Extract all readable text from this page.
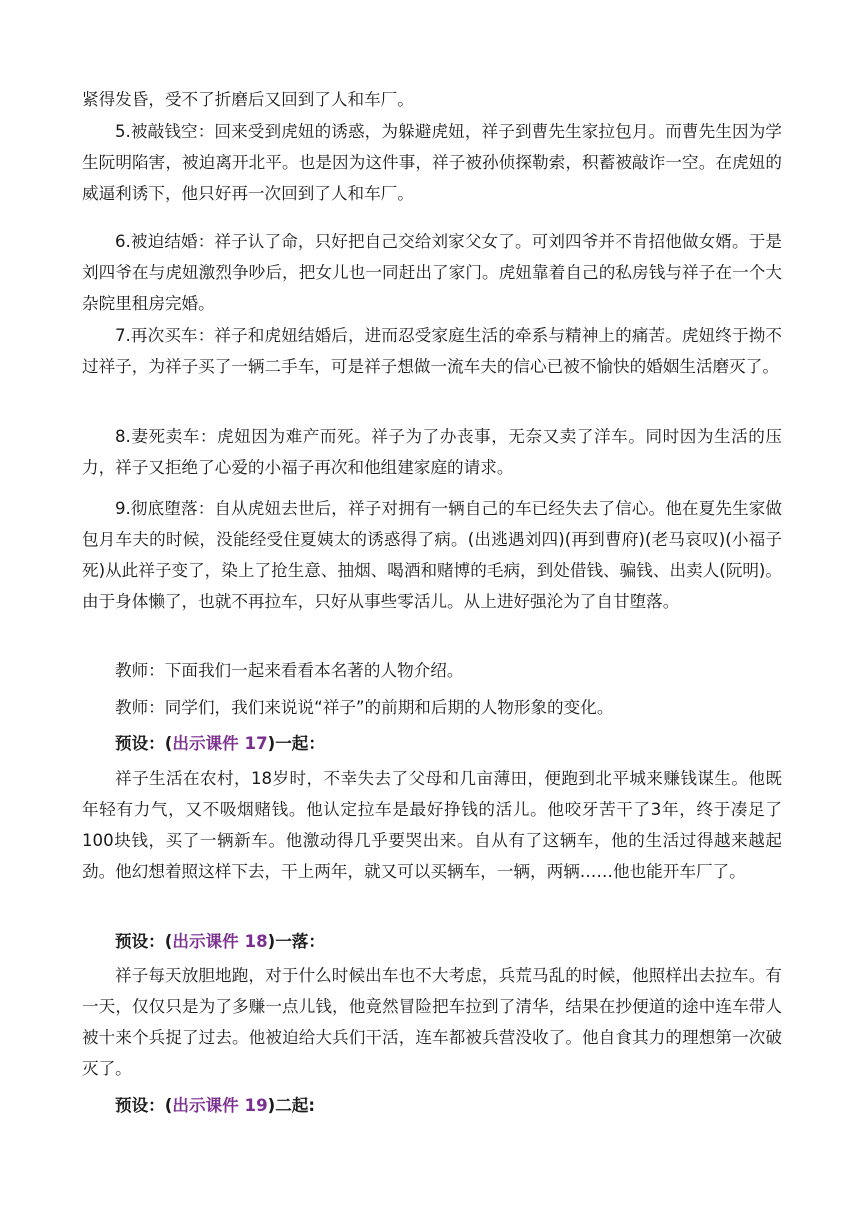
紧得发昏，受不了折磨后又回到了人和车厂。

5.被敲钱空：回来受到虎妞的诱惑，为躲避虎妞，祥子到曹先生家拉包月。而曹先生因为学生阮明陷害，被迫离开北平。也是因为这件事，祥子被孙侦探勒索，积蓄被敲诈一空。在虎妞的威逼利诱下，他只好再一次回到了人和车厂。

6.被迫结婚：祥子认了命，只好把自己交给刘家父女了。可刘四爷并不肯招他做女婿。于是刘四爷在与虎妞激烈争吵后，把女儿也一同赶出了家门。虎妞靠着自己的私房钱与祥子在一个大杂院里租房完婚。

7.再次买车：祥子和虎妞结婚后，进而忍受家庭生活的牵系与精神上的痛苦。虎妞终于拗不过祥子，为祥子买了一辆二手车，可是祥子想做一流车夫的信心已被不愉快的婚姻生活磨灭了。

8.妻死卖车：虎妞因为难产而死。祥子为了办丧事，无奈又卖了洋车。同时因为生活的压力，祥子又拒绝了心爱的小福子再次和他组建家庭的请求。

9.彻底堕落：自从虎妞去世后，祥子对拥有一辆自己的车已经失去了信心。他在夏先生家做包月车夫的时候，没能经受住夏姨太的诱惑得了病。(出逃遇刘四)(再到曹府)(老马哀叹)(小福子死)从此祥子变了，染上了抢生意、抽烟、喝酒和赌博的毛病，到处借钱、骗钱、出卖人(阮明)。由于身体懒了，也就不再拉车，只好从事些零活儿。从上进好强沦为了自甘堕落。

教师：下面我们一起来看看本名著的人物介绍。

教师：同学们，我们来说说“祥子”的前期和后期的人物形象的变化。

预设：(出示课件 17)一起：

祥子生活在农村，18岁时，不幸失去了父母和几亩薄田，便跑到北平城来赚钱谋生。他既年轻有力气，又不吸烟赌钱。他认定拉车是最好挣钱的活儿。他咬牙苦干了3年，终于凑足了100块钱，买了一辆新车。他激动得几乎要哭出来。自从有了这辆车，他的生活过得越来越起劲。他幻想着照这样下去，干上两年，就又可以买辆车，一辆，两辆……他也能开车厂了。

预设：(出示课件 18)一落：

祥子每天放胆地跑，对于什么时候出车也不大考虑，兵荒马乱的时候，他照样出去拉车。有一天，仅仅只是为了多赚一点儿钱，他竟然冒险把车拉到了清华，结果在抄便道的途中连车带人被十来个兵捉了过去。他被迫给大兵们干活，连车都被兵营没收了。他自食其力的理想第一次破灭了。

预设：(出示课件 19)二起:
